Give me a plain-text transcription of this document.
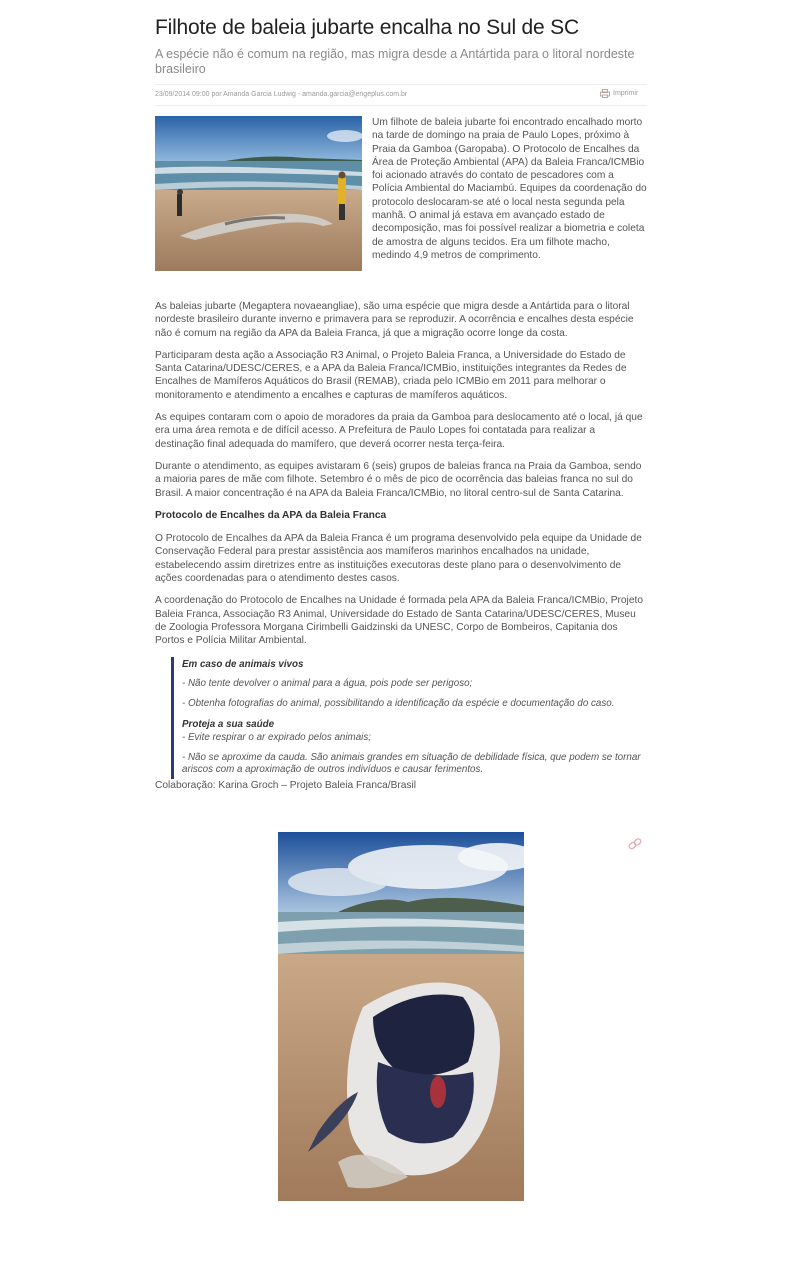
Filhote de baleia jubarte encalha no Sul de SC

A espécie não é comum na região, mas migra desde a Antártida para o litoral nordeste brasileiro

23/09/2014 09:00 por Amanda Garcia Ludwig - amanda.garcia@engeplus.com.br	Imprimir
Um filhote de baleia jubarte foi encontrado encalhado morto na tarde de domingo na praia de Paulo Lopes, próximo à Praia da Gamboa (Garopaba). O Protocolo de Encalhes da Área de Proteção Ambiental (APA) da Baleia Franca/ICMBio foi acionado através do contato de pescadores com a Polícia Ambiental do Maciambú. Equipes da coordenação do protocolo deslocaram-se até o local nesta segunda pela manhã. O animal já estava em avançado estado de decomposição, mas foi possível realizar a biometria e coleta de amostra de alguns tecidos. Era um filhote macho, medindo 4,9 metros de comprimento.

As baleias jubarte (Megaptera novaeangliae), são uma espécie que migra desde a Antártida para o litoral nordeste brasileiro durante inverno e primavera para se reproduzir. A ocorrência e encalhes desta espécie não é comum na região da APA da Baleia Franca, já que a migração ocorre longe da costa.

Participaram desta ação a Associação R3 Animal, o Projeto Baleia Franca, a Universidade do Estado de Santa Catarina/UDESC/CERES, e a APA da Baleia Franca/ICMBio, instituições integrantes da Redes de Encalhes de Mamíferos Aquáticos do Brasil (REMAB), criada pelo ICMBio em 2011 para melhorar o monitoramento e atendimento a encalhes e capturas de mamíferos aquáticos.

As equipes contaram com o apoio de moradores da praia da Gamboa para deslocamento até o local, já que era uma área remota e de difícil acesso. A Prefeitura de Paulo Lopes foi contatada para realizar a destinação final adequada do mamífero, que deverá ocorrer nesta terça-feira.

Durante o atendimento, as equipes avistaram 6 (seis) grupos de baleias franca na Praia da Gamboa, sendo a maioria pares de mãe com filhote. Setembro é o mês de pico de ocorrência das baleias franca no sul do Brasil. A maior concentração é na APA da Baleia Franca/ICMBio, no litoral centro-sul de Santa Catarina.

Protocolo de Encalhes da APA da Baleia Franca

O Protocolo de Encalhes da APA da Baleia Franca é um programa desenvolvido pela equipe da Unidade de Conservação Federal para prestar assistência aos mamíferos marinhos encalhados na unidade, estabelecendo assim diretrizes entre as instituições executoras deste plano para o desenvolvimento de ações coordenadas para o atendimento destes casos.

A coordenação do Protocolo de Encalhes na Unidade é formada pela APA da Baleia Franca/ICMBio, Projeto Baleia Franca, Associação R3 Animal, Universidade do Estado de Santa Catarina/UDESC/CERES, Museu de Zoologia Professora Morgana Cirimbelli Gaidzinski da UNESC, Corpo de Bombeiros, Capitania dos Portos e Polícia Militar Ambiental.

Em caso de animais vivos

- Não tente devolver o animal para a água, pois pode ser perigoso;

- Obtenha fotografias do animal, possibilitando a identificação da espécie e documentação do caso.

Proteja a sua saúde

- Evite respirar o ar expirado pelos animais;

- Não se aproxime da cauda. São animais grandes em situação de debilidade física, que podem se tornar ariscos com a aproximação de outros indivíduos e causar ferimentos.

Colaboração: Karina Groch – Projeto Baleia Franca/Brasil
